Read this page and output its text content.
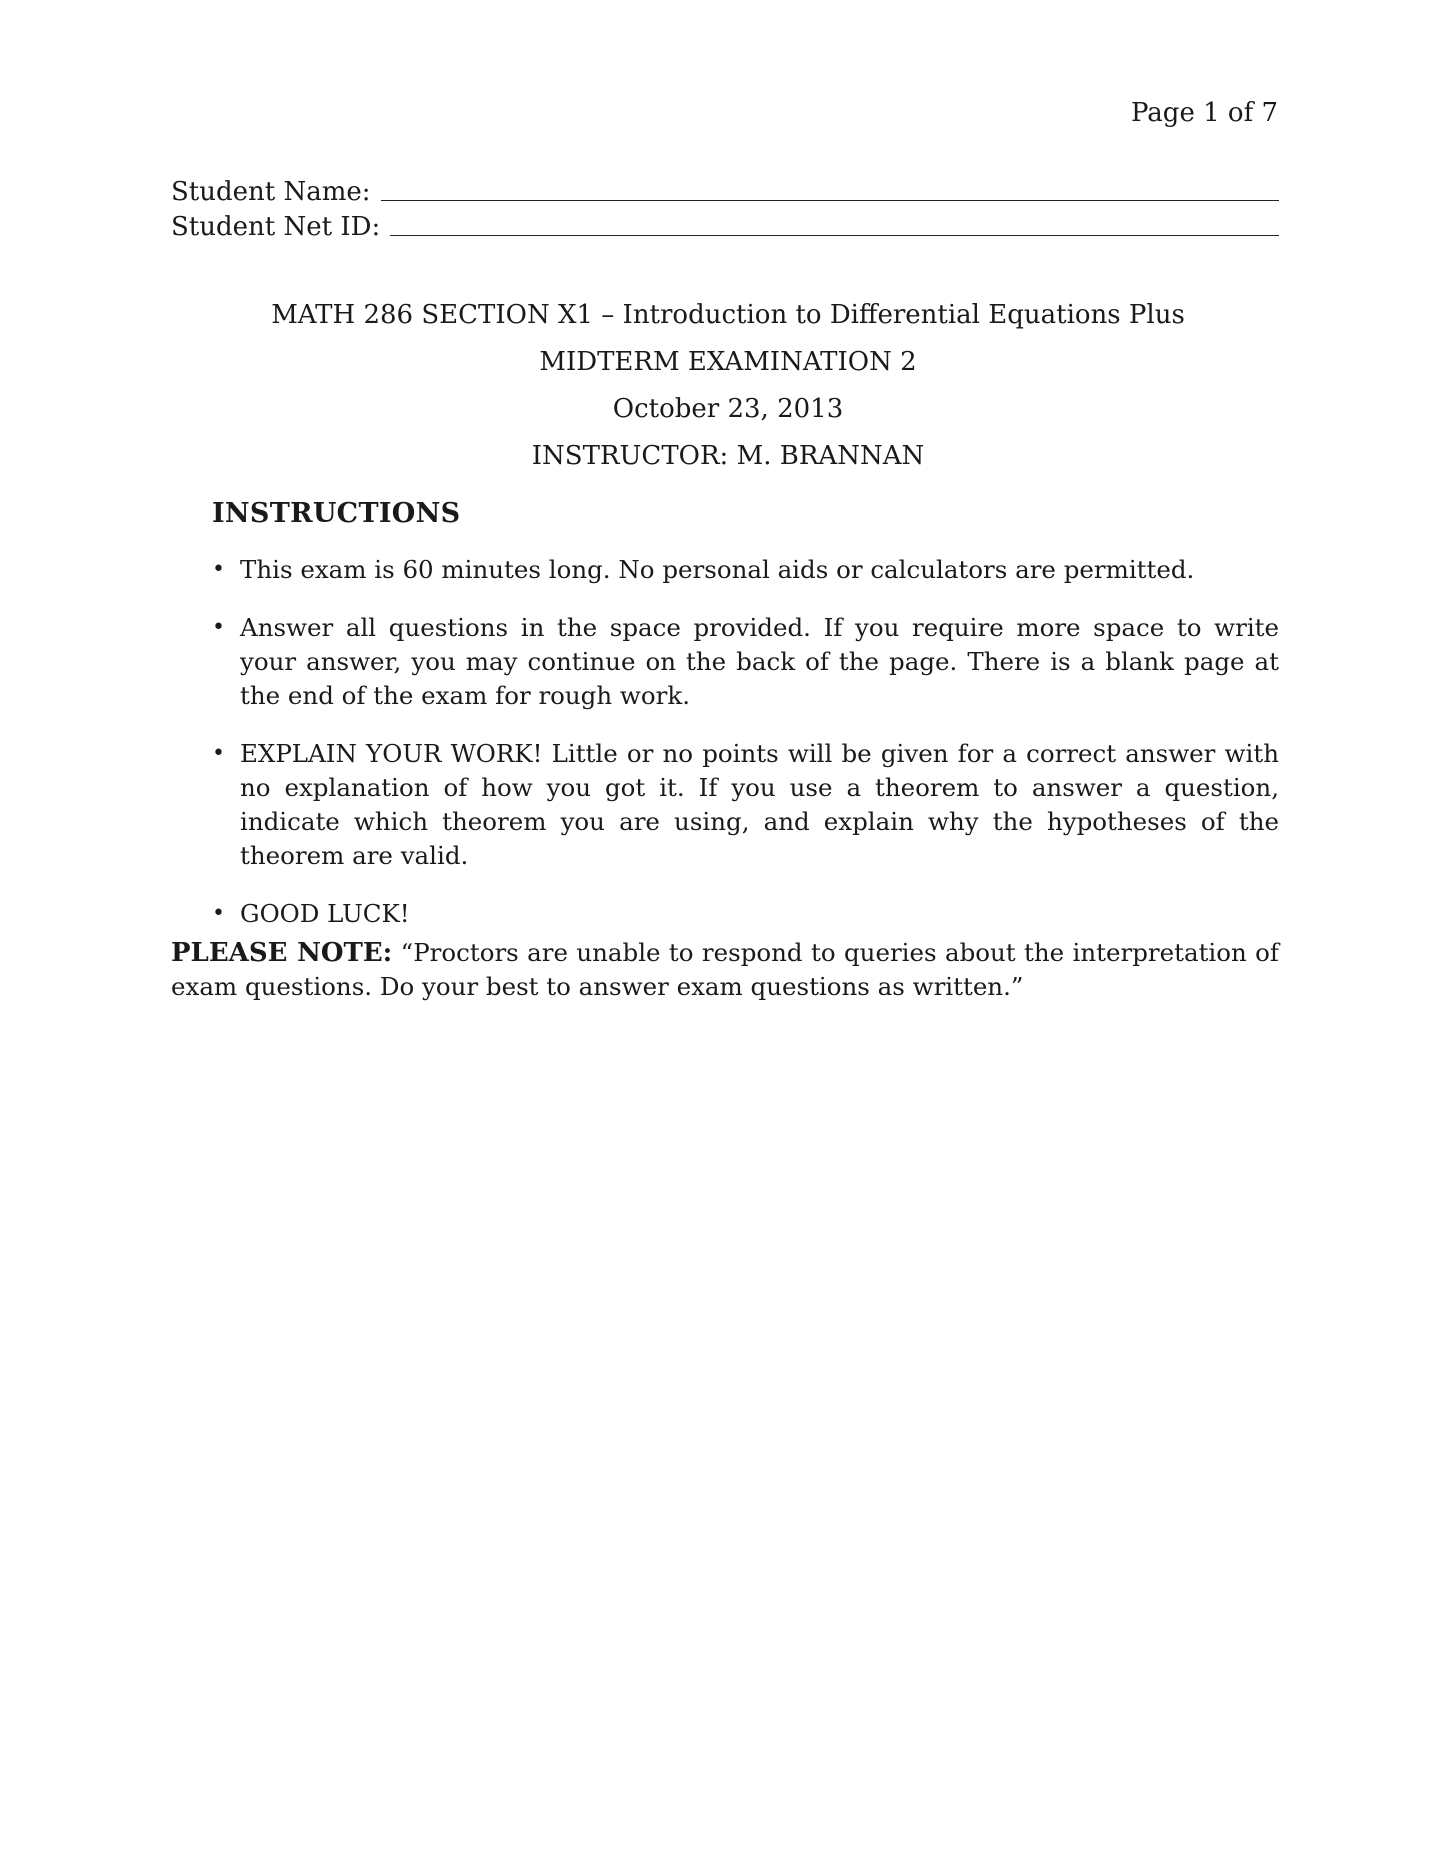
Page 1 of 7
Student Name:
Student Net ID:
MATH 286 SECTION X1 – Introduction to Differential Equations Plus
MIDTERM EXAMINATION 2
October 23, 2013
INSTRUCTOR: M. BRANNAN
INSTRUCTIONS
• This exam is 60 minutes long. No personal aids or calculators are permitted.
• Answer all questions in the space provided. If you require more space to write your answer, you may continue on the back of the page. There is a blank page at the end of the exam for rough work.
• EXPLAIN YOUR WORK! Little or no points will be given for a correct answer with no explanation of how you got it. If you use a theorem to answer a question, indicate which theorem you are using, and explain why the hypotheses of the theorem are valid.
• GOOD LUCK!
PLEASE NOTE: “Proctors are unable to respond to queries about the interpretation of exam questions. Do your best to answer exam questions as written.”
